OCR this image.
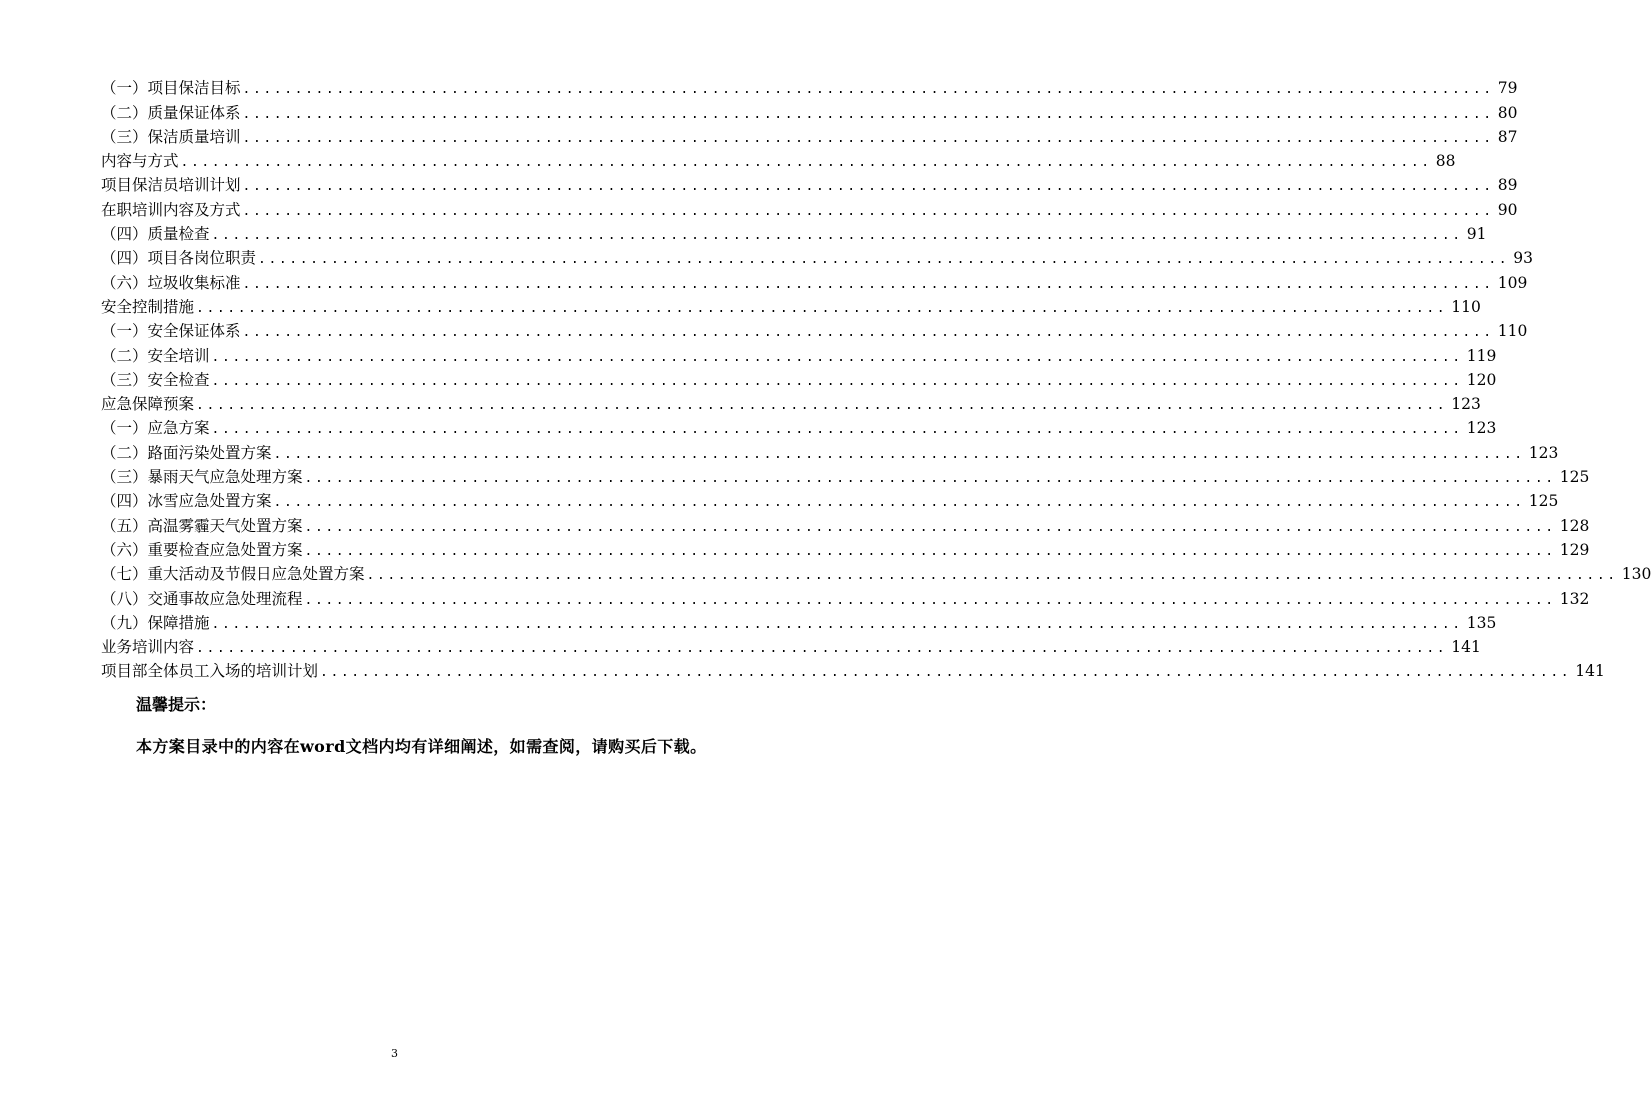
（一）项目保洁目标 ........................................................................................................................ 79
（二）质量保证体系 ........................................................................................................................ 80
（三）保洁质量培训 ........................................................................................................................ 87
内容与方式 ........................................................................................................................ 88
项目保洁员培训计划 ........................................................................................................................ 89
在职培训内容及方式 ........................................................................................................................ 90
（四）质量检查 ........................................................................................................................ 91
（四）项目各岗位职责 ........................................................................................................................ 93
（六）垃圾收集标准 ........................................................................................................................ 109
安全控制措施 ........................................................................................................................ 110
（一）安全保证体系 ........................................................................................................................ 110
（二）安全培训 ........................................................................................................................ 119
（三）安全检查 ........................................................................................................................ 120
应急保障预案 ........................................................................................................................ 123
（一）应急方案 ........................................................................................................................ 123
（二）路面污染处置方案 ........................................................................................................................ 123
（三）暴雨天气应急处理方案 ........................................................................................................................ 125
（四）冰雪应急处置方案 ........................................................................................................................ 125
（五）高温雾霾天气处置方案 ........................................................................................................................ 128
（六）重要检查应急处置方案 ........................................................................................................................ 129
（七）重大活动及节假日应急处置方案 ........................................................................................................................ 130
（八）交通事故应急处理流程 ........................................................................................................................ 132
（九）保障措施 ........................................................................................................................ 135
业务培训内容 ........................................................................................................................ 141
项目部全体员工入场的培训计划 ........................................................................................................................ 141
温馨提示：
本方案目录中的内容在word文档内均有详细阐述，如需查阅，请购买后下载。
3
